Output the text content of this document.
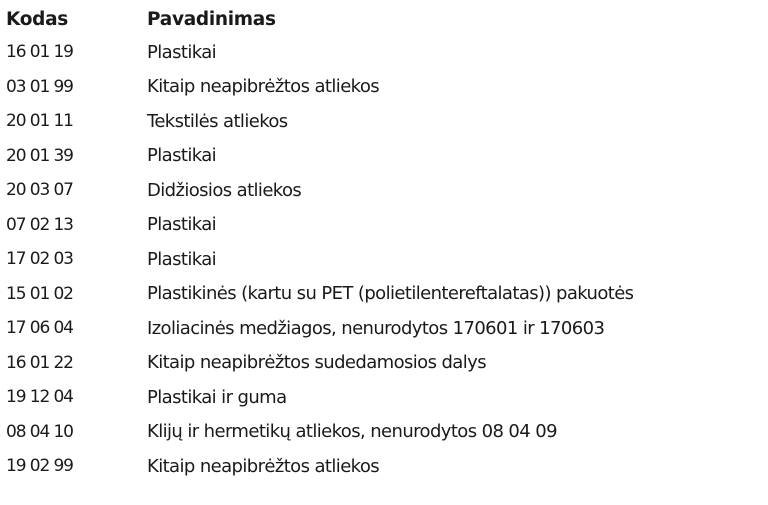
Kodas	Pavadinimas
16 01 19	Plastikai
03 01 99	Kitaip neapibrėžtos atliekos
20 01 11	Tekstilės atliekos
20 01 39	Plastikai
20 03 07	Didžiosios atliekos
07 02 13	Plastikai
17 02 03	Plastikai
15 01 02	Plastikinės (kartu su PET (polietilentereftalatas)) pakuotės
17 06 04	Izoliacinės medžiagos, nenurodytos 170601 ir 170603
16 01 22	Kitaip neapibrėžtos sudedamosios dalys
19 12 04	Plastikai ir guma
08 04 10	Klijų ir hermetikų atliekos, nenurodytos 08 04 09
19 02 99	Kitaip neapibrėžtos atliekos
